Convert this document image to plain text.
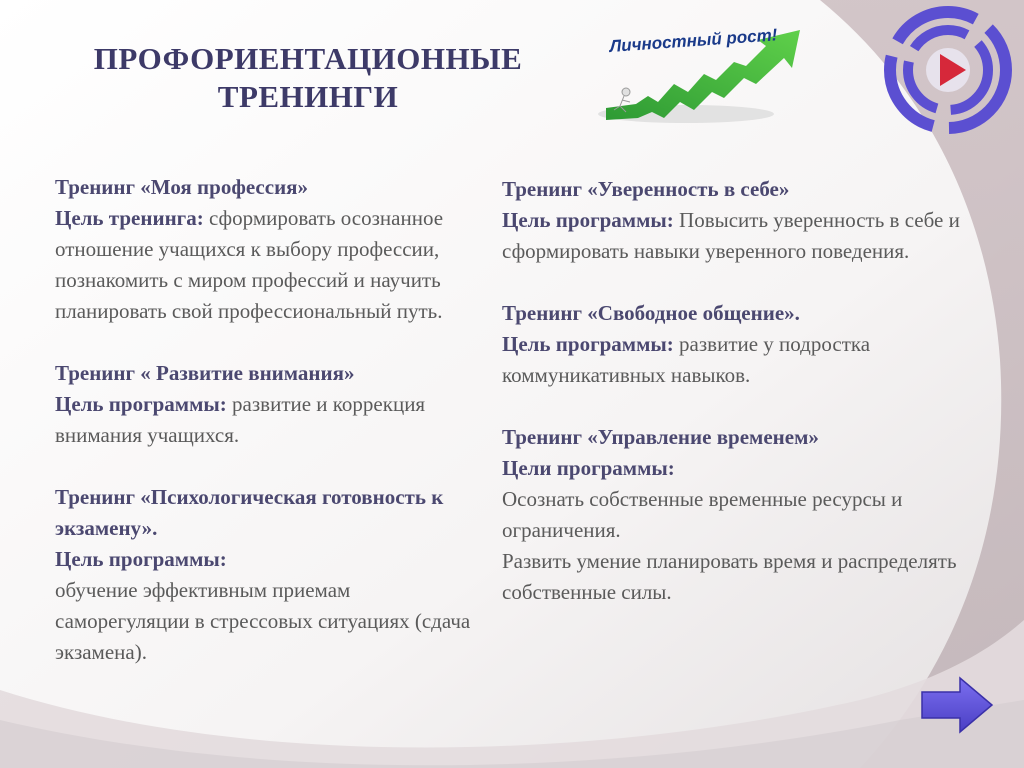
ПРОФОРИЕНТАЦИОННЫЕ
ТРЕНИНГИ
Личностный рост!
Тренинг «Моя профессия»
Цель тренинга: сформировать осознанное отношение учащихся к выбору профессии, познакомить с миром профессий и научить планировать свой профессиональный путь.
Тренинг « Развитие внимания»
Цель программы: развитие и коррекция внимания учащихся.
Тренинг «Психологическая готовность к экзамену».
Цель программы:
обучение эффективным приемам саморегуляции в стрессовых ситуациях (сдача экзамена).
Тренинг «Уверенность в себе»
Цель программы: Повысить уверенность в себе и сформировать навыки уверенного поведения.
Тренинг «Свободное общение».
Цель программы: развитие у подростка коммуникативных навыков.
Тренинг «Управление временем»
Цели программы:
Осознать собственные временные ресурсы и ограничения.
Развить умение планировать время и распределять собственные силы.
